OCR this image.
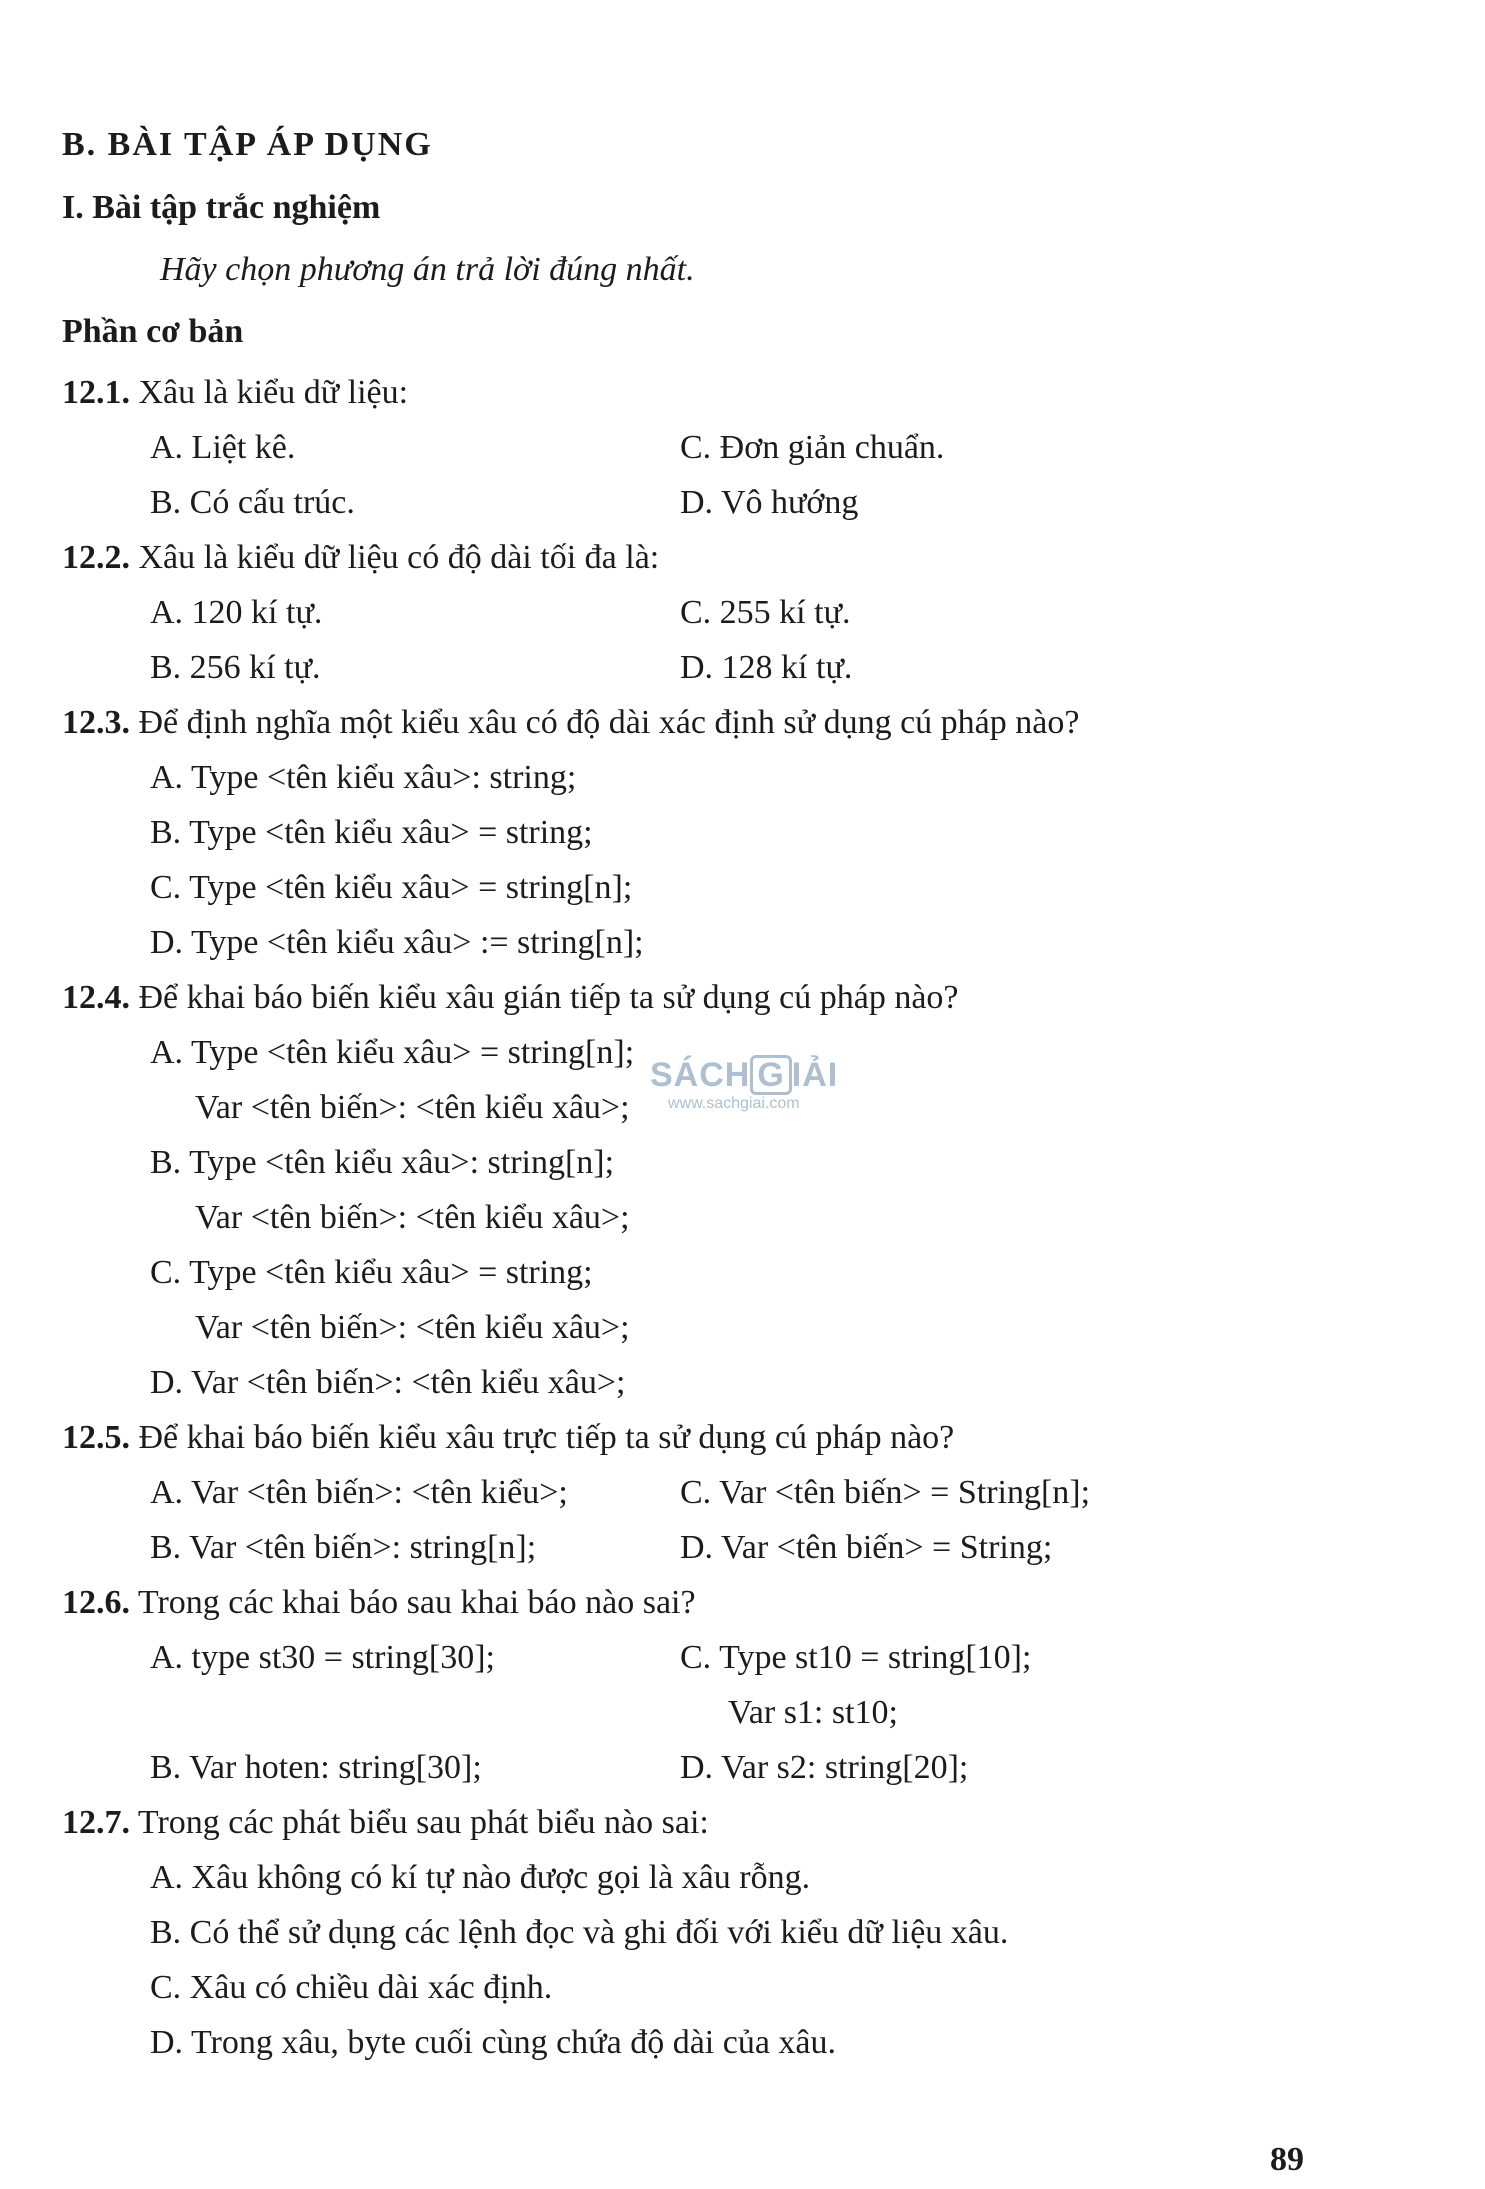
B. BÀI TẬP ÁP DỤNG
I. Bài tập trắc nghiệm
Hãy chọn phương án trả lời đúng nhất.
Phần cơ bản
12.1. Xâu là kiểu dữ liệu:
A. Liệt kê.	C. Đơn giản chuẩn.
B. Có cấu trúc.	D. Vô hướng
12.2. Xâu là kiểu dữ liệu có độ dài tối đa là:
A. 120 kí tự.	C. 255 kí tự.
B. 256 kí tự.	D. 128 kí tự.
12.3. Để định nghĩa một kiểu xâu có độ dài xác định sử dụng cú pháp nào?
A. Type <tên kiểu xâu>: string;
B. Type <tên kiểu xâu> = string;
C. Type <tên kiểu xâu> = string[n];
D. Type <tên kiểu xâu> := string[n];
12.4. Để khai báo biến kiểu xâu gián tiếp ta sử dụng cú pháp nào?
A. Type <tên kiểu xâu> = string[n];
Var <tên biến>: <tên kiểu xâu>;
B. Type <tên kiểu xâu>: string[n];
Var <tên biến>: <tên kiểu xâu>;
C. Type <tên kiểu xâu> = string;
Var <tên biến>: <tên kiểu xâu>;
D. Var <tên biến>: <tên kiểu xâu>;
12.5. Để khai báo biến kiểu xâu trực tiếp ta sử dụng cú pháp nào?
A. Var <tên biến>: <tên kiểu>;	C. Var <tên biến> = String[n];
B. Var <tên biến>: string[n];	D. Var <tên biến> = String;
12.6. Trong các khai báo sau khai báo nào sai?
A. type st30 = string[30];	C. Type st10 = string[10];
Var s1: st10;
B. Var hoten: string[30];	D. Var s2: string[20];
12.7. Trong các phát biểu sau phát biểu nào sai:
A. Xâu không có kí tự nào được gọi là xâu rỗng.
B. Có thể sử dụng các lệnh đọc và ghi đối với kiểu dữ liệu xâu.
C. Xâu có chiều dài xác định.
D. Trong xâu, byte cuối cùng chứa độ dài của xâu.
SÁCH G IẢI
www.sachgiai.com
89
